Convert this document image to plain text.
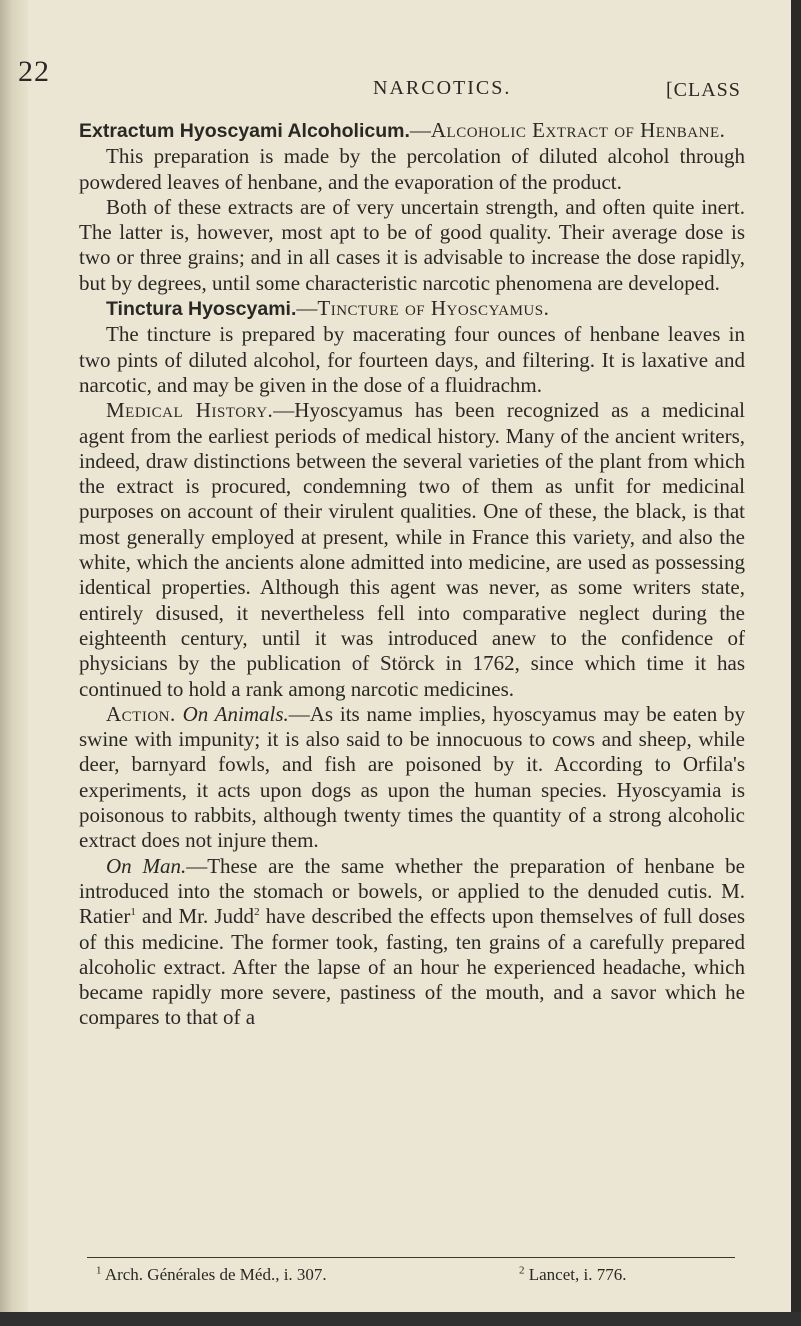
22	NARCOTICS.	[CLASS

Extractum Hyoscyami Alcoholicum.—Alcoholic Extract of Henbane.

This preparation is made by the percolation of diluted alcohol through powdered leaves of henbane, and the evaporation of the product.

Both of these extracts are of very uncertain strength, and often quite inert. The latter is, however, most apt to be of good quality. Their average dose is two or three grains; and in all cases it is advisable to increase the dose rapidly, but by degrees, until some characteristic narcotic phenomena are developed.

Tinctura Hyoscyami.—Tincture of Hyoscyamus.

The tincture is prepared by macerating four ounces of henbane leaves in two pints of diluted alcohol, for fourteen days, and filtering. It is laxative and narcotic, and may be given in the dose of a fluidrachm.

Medical History.—Hyoscyamus has been recognized as a medicinal agent from the earliest periods of medical history. Many of the ancient writers, indeed, draw distinctions between the several varieties of the plant from which the extract is procured, condemning two of them as unfit for medicinal purposes on account of their virulent qualities. One of these, the black, is that most generally employed at present, while in France this variety, and also the white, which the ancients alone admitted into medicine, are used as possessing identical properties. Although this agent was never, as some writers state, entirely disused, it nevertheless fell into comparative neglect during the eighteenth century, until it was introduced anew to the confidence of physicians by the publication of Störck in 1762, since which time it has continued to hold a rank among narcotic medicines.

Action. On Animals.—As its name implies, hyoscyamus may be eaten by swine with impunity; it is also said to be innocuous to cows and sheep, while deer, barnyard fowls, and fish are poisoned by it. According to Orfila's experiments, it acts upon dogs as upon the human species. Hyoscyamia is poisonous to rabbits, although twenty times the quantity of a strong alcoholic extract does not injure them.

On Man.—These are the same whether the preparation of henbane be introduced into the stomach or bowels, or applied to the denuded cutis. M. Ratier$^1$ and Mr. Judd$^2$ have described the effects upon themselves of full doses of this medicine. The former took, fasting, ten grains of a carefully prepared alcoholic extract. After the lapse of an hour he experienced headache, which became rapidly more severe, pastiness of the mouth, and a savor which he compares to that of a

$^1$ Arch. Générales de Méd., i. 307.	$^2$ Lancet, i. 776.
